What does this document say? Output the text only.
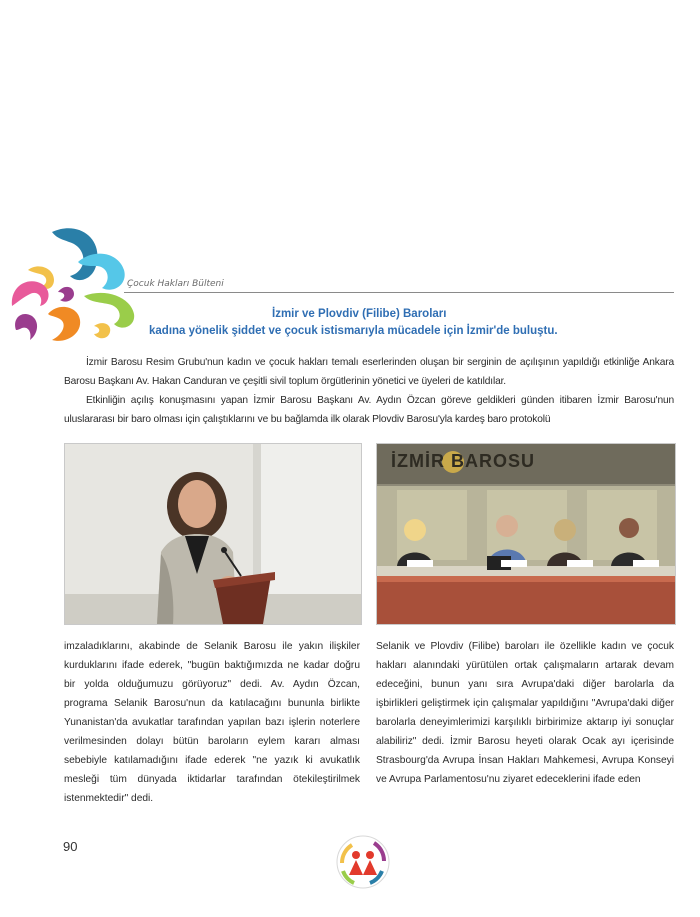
Çocuk Hakları Bülteni
İzmir ve Plovdiv (Filibe) Baroları
kadına yönelik şiddet ve çocuk istismarıyla mücadele için İzmir'de buluştu.

İzmir Barosu Resim Grubu'nun kadın ve çocuk hakları temalı eserlerinden oluşan bir serginin de açılışının yapıldığı etkinliğe Ankara Barosu Başkanı Av. Hakan Canduran ve çeşitli sivil toplum örgütlerinin yönetici ve üyeleri de katıldılar.

Etkinliğin açılış konuşmasını yapan İzmir Barosu Başkanı Av. Aydın Özcan göreve geldikleri günden itibaren İzmir Barosu'nun uluslararası bir baro olması için çalıştıklarını ve bu bağlamda ilk olarak Plovdiv Barosu'yla kardeş baro protokolü

İZMİR BAROSU

imzaladıklarını, akabinde de Selanik Barosu ile yakın ilişkiler kurduklarını ifade ederek, "bugün baktığımızda ne kadar doğru bir yolda olduğumuzu görüyoruz" dedi. Av. Aydın Özcan, programa Selanik Barosu'nun da katılacağını bununla birlikte Yunanistan'da avukatlar tarafından yapılan bazı işlerin noterlere verilmesinden dolayı bütün baroların eylem kararı alması sebebiyle katılamadığını ifade ederek "ne yazık ki avukatlık mesleği tüm dünyada iktidarlar tarafından ötekileştirilmek istenmektedir" dedi.

Selanik ve Plovdiv (Filibe) baroları ile özellikle kadın ve çocuk hakları alanındaki yürütülen ortak çalışmaların artarak devam edeceğini, bunun yanı sıra Avrupa'daki diğer barolarla da işbirlikleri geliştirmek için çalışmalar yapıldığını "Avrupa'daki diğer barolarla deneyimlerimizi karşılıklı birbirimize aktarıp iyi sonuçlar alabiliriz" dedi. İzmir Barosu heyeti olarak Ocak ayı içerisinde Strasbourg'da Avrupa İnsan Hakları Mahkemesi, Avrupa Konseyi ve Avrupa Parlamentosu'nu ziyaret edeceklerini ifade eden

90
